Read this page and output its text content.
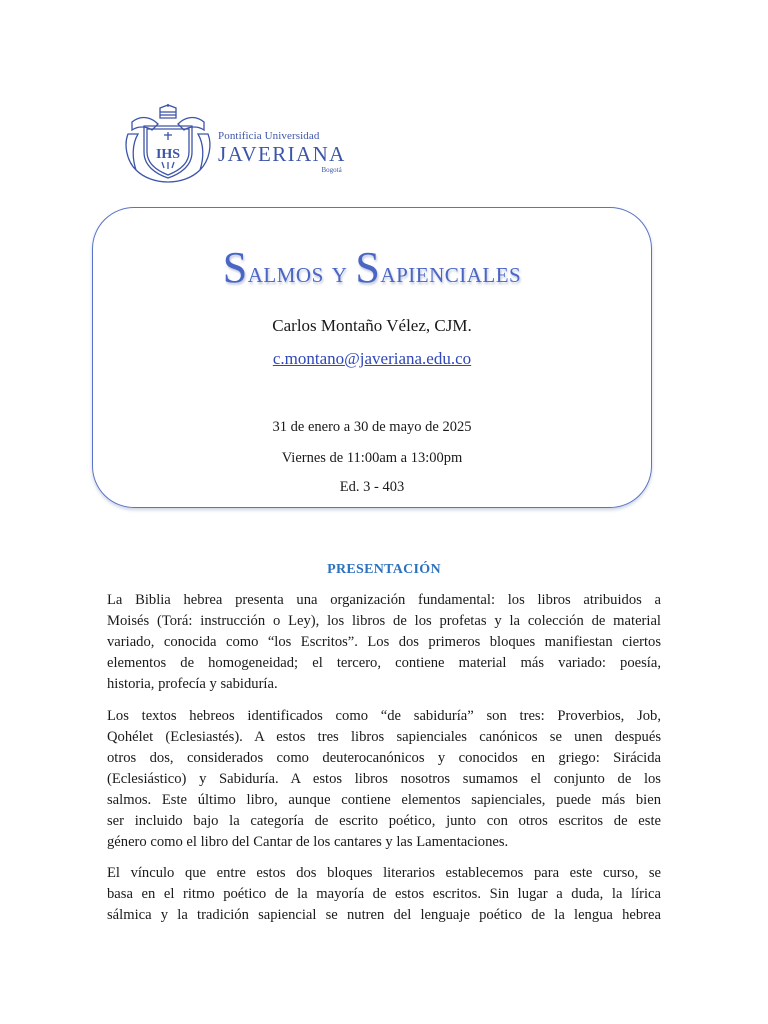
IHS
Pontificia Universidad
JAVERIANA
Bogotá
Salmos y Sapienciales
Carlos Montaño Vélez, CJM.
c.montano@javeriana.edu.co
31 de enero a 30 de mayo de 2025
Viernes de 11:00am a 13:00pm
Ed. 3 - 403
PRESENTACIÓN

La Biblia hebrea presenta una organización fundamental: los libros atribuidos a
Moisés (Torá: instrucción o Ley), los libros de los profetas y la colección de material
variado, conocida como “los Escritos”. Los dos primeros bloques manifiestan ciertos
elementos de homogeneidad; el tercero, contiene material más variado: poesía,
historia, profecía y sabiduría.

Los textos hebreos identificados como “de sabiduría” son tres: Proverbios, Job,
Qohélet (Eclesiastés). A estos tres libros sapienciales canónicos se unen después
otros dos, considerados como deuterocanónicos y conocidos en griego: Sirácida
(Eclesiástico) y Sabiduría. A estos libros nosotros sumamos el conjunto de los
salmos. Este último libro, aunque contiene elementos sapienciales, puede más bien
ser incluido bajo la categoría de escrito poético, junto con otros escritos de este
género como el libro del Cantar de los cantares y las Lamentaciones.

El vínculo que entre estos dos bloques literarios establecemos para este curso, se
basa en el ritmo poético de la mayoría de estos escritos. Sin lugar a duda, la lírica
sálmica y la tradición sapiencial se nutren del lenguaje poético de la lengua hebrea
